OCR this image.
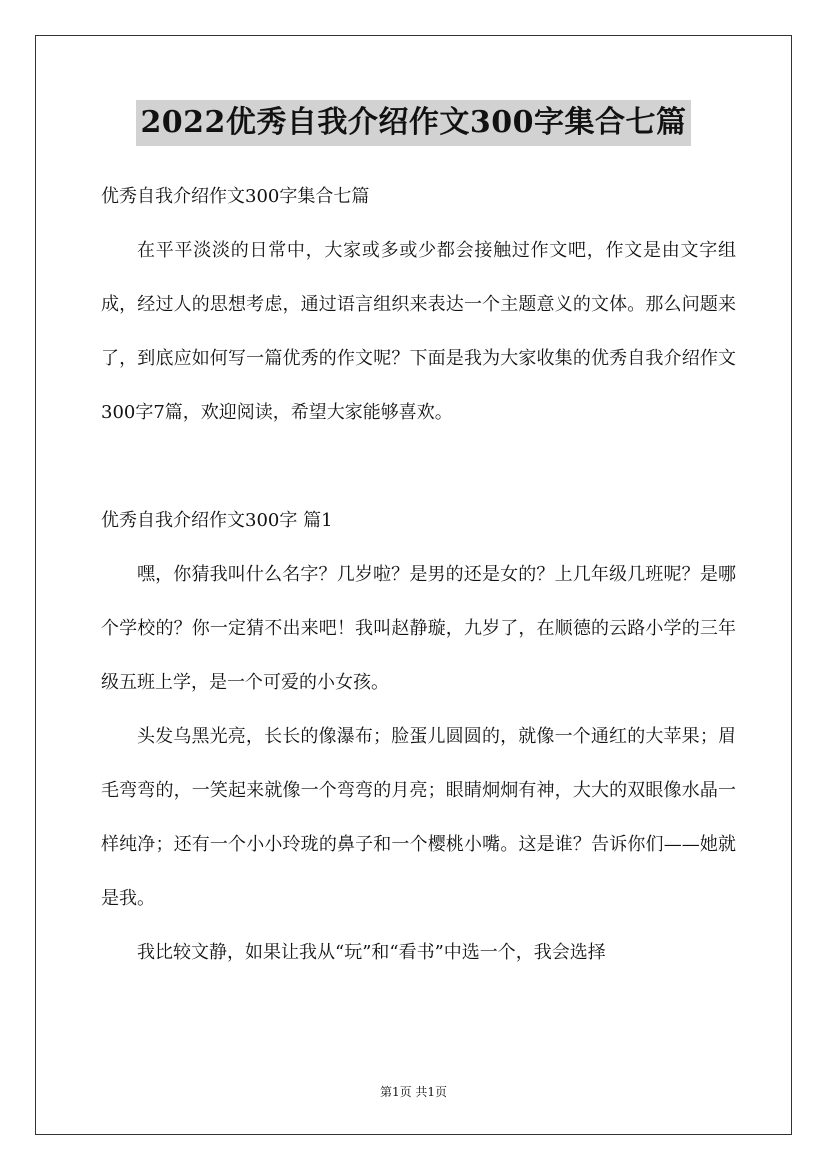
2022优秀自我介绍作文300字集合七篇

优秀自我介绍作文300字集合七篇

在平平淡淡的日常中，大家或多或少都会接触过作文吧，作文是由文字组成，经过人的思想考虑，通过语言组织来表达一个主题意义的文体。那么问题来了，到底应如何写一篇优秀的作文呢？下面是我为大家收集的优秀自我介绍作文300字7篇，欢迎阅读，希望大家能够喜欢。

优秀自我介绍作文300字 篇1

嘿，你猜我叫什么名字？几岁啦？是男的还是女的？上几年级几班呢？是哪个学校的？你一定猜不出来吧！我叫赵静璇，九岁了，在顺德的云路小学的三年级五班上学，是一个可爱的小女孩。

头发乌黑光亮，长长的像瀑布；脸蛋儿圆圆的，就像一个通红的大苹果；眉毛弯弯的，一笑起来就像一个弯弯的月亮；眼睛炯炯有神，大大的双眼像水晶一样纯净；还有一个小小玲珑的鼻子和一个樱桃小嘴。这是谁？告诉你们——她就是我。

我比较文静，如果让我从“玩”和“看书”中选一个，我会选择

第1页 共1页
